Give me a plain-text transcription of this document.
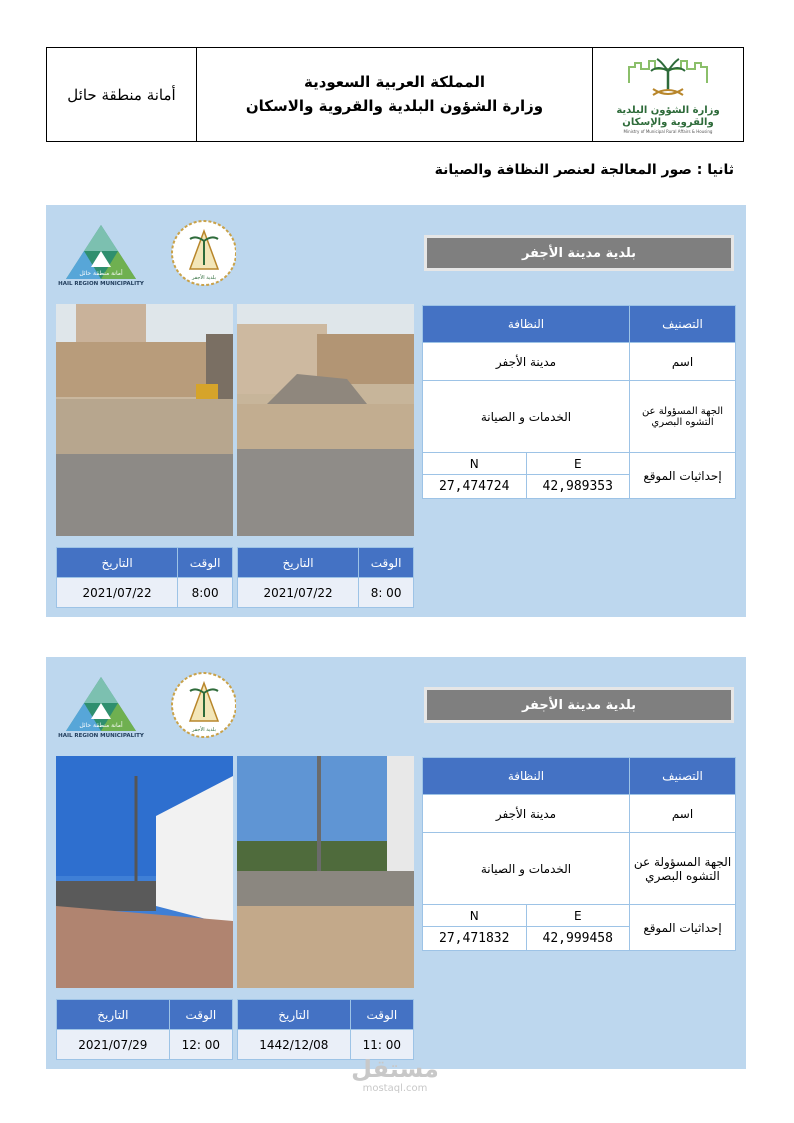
أمانة منطقة حائل
المملكة العربية السعودية
وزارة الشؤون البلدية والقروية والاسكان	وزارة الشؤون البلدية
والقروية والإسكان
Ministry of Municipal Rural Affairs & Housing
ثانيا : صور المعالجة لعنصر النظافة والصيانة
أمانة منطقة حائل
HAIL REGION MUNICIPALITY
بلدية الأجفر
بلدية مدينة الأجفر
التصنيف	النظافة	
اسم	مدينة الأجفر	
الجهة المسؤولة عن التشوه البصري	الخدمات و الصيانة	
إحداثيات الموقع	E	N
	42,989353	27,474724
التاريخ	الوقت
2021/07/22	8:00
التاريخ	الوقت
2021/07/22	8: 00
أمانة منطقة حائل
HAIL REGION MUNICIPALITY
بلدية الأجفر
بلدية مدينة الأجفر
التصنيف	النظافة	
اسم	مدينة الأجفر	
الجهة المسؤولة عن التشوه البصري	الخدمات و الصيانة	
إحداثيات الموقع	E	N
	42,999458	27,471832
التاريخ	الوقت
2021/07/29	12: 00
التاريخ	الوقت
1442/12/08	11: 00
مستقل
mostaql.com
